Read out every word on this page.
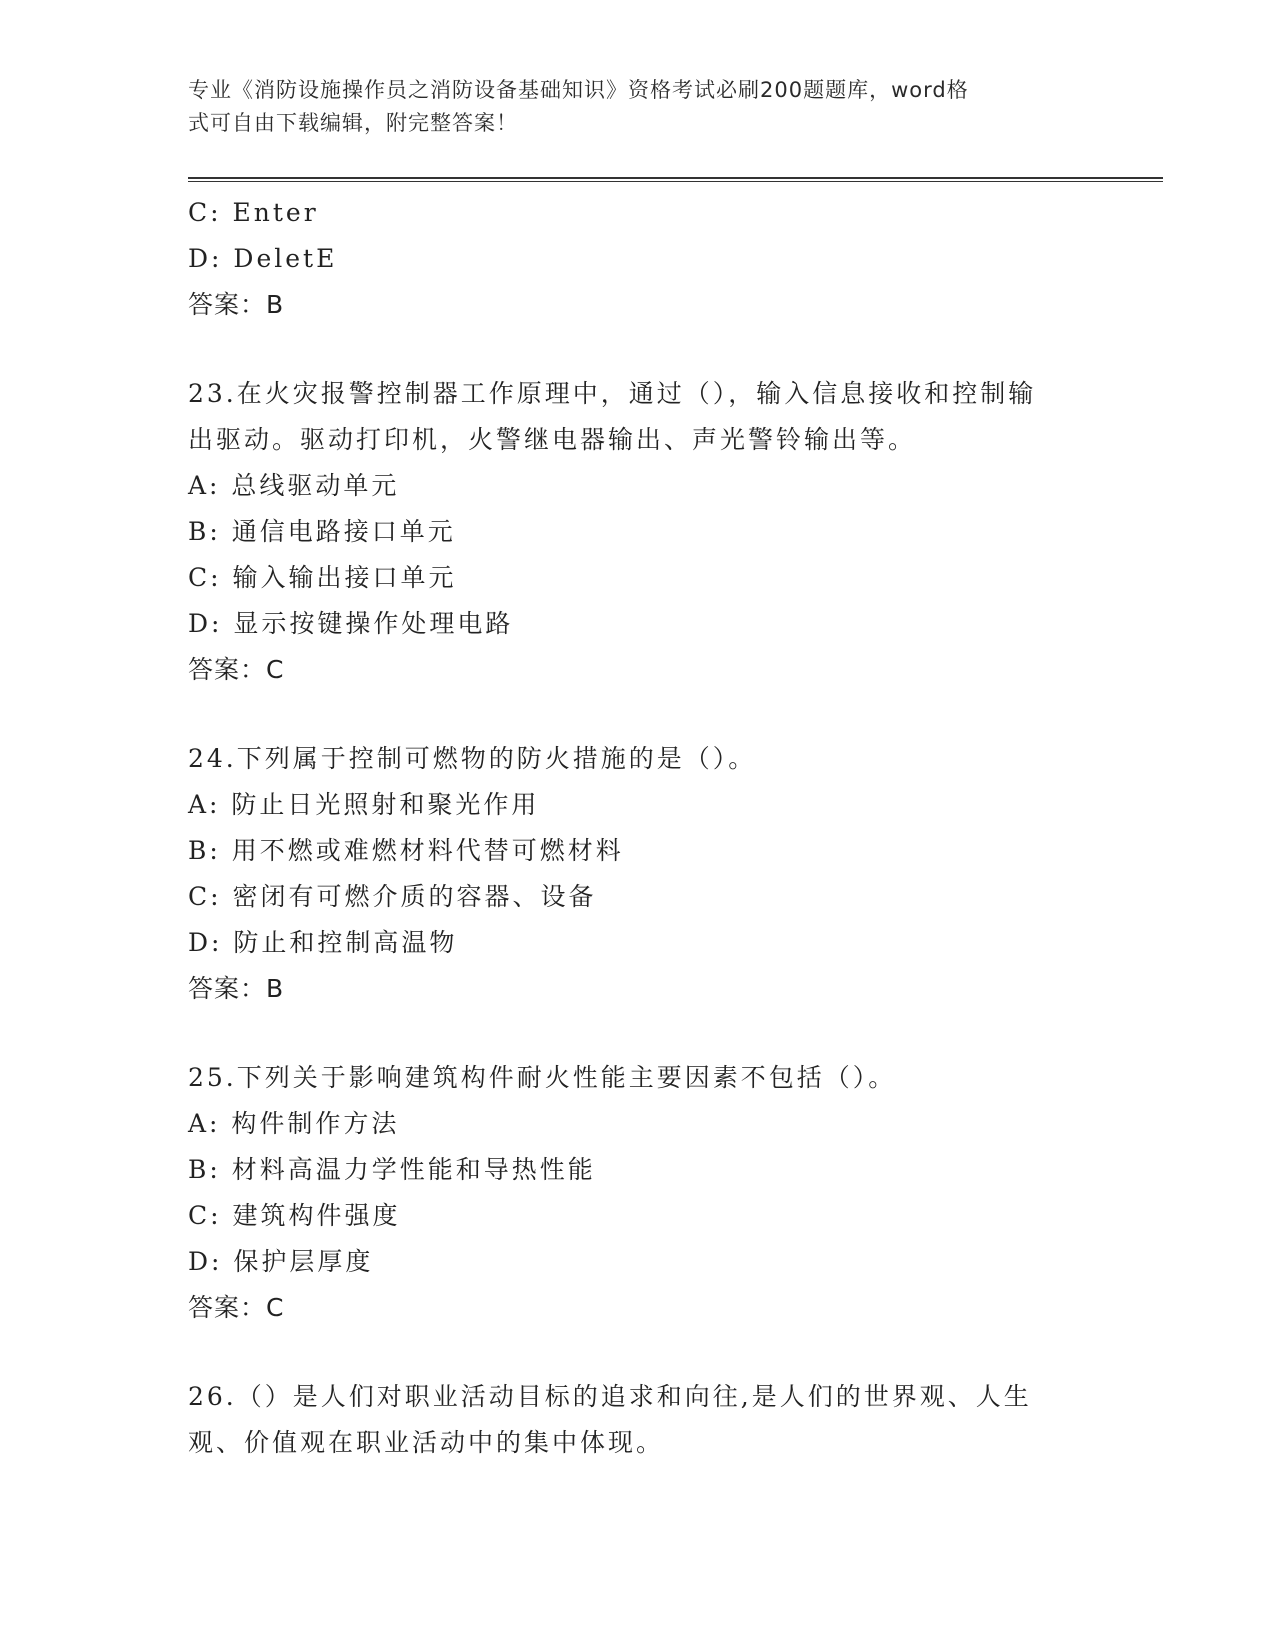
专业《消防设施操作员之消防设备基础知识》资格考试必刷200题题库，word格
式可自由下载编辑，附完整答案！
C: Enter
D: DeletE
答案：B
23.在火灾报警控制器工作原理中，通过（），输入信息接收和控制输
出驱动。驱动打印机，火警继电器输出、声光警铃输出等。
A: 总线驱动单元
B: 通信电路接口单元
C: 输入输出接口单元
D: 显示按键操作处理电路
答案：C
24.下列属于控制可燃物的防火措施的是（）。
A: 防止日光照射和聚光作用
B: 用不燃或难燃材料代替可燃材料
C: 密闭有可燃介质的容器、设备
D: 防止和控制高温物
答案：B
25.下列关于影响建筑构件耐火性能主要因素不包括（）。
A: 构件制作方法
B: 材料高温力学性能和导热性能
C: 建筑构件强度
D: 保护层厚度
答案：C
26.（）是人们对职业活动目标的追求和向往,是人们的世界观、人生
观、价值观在职业活动中的集中体现。
